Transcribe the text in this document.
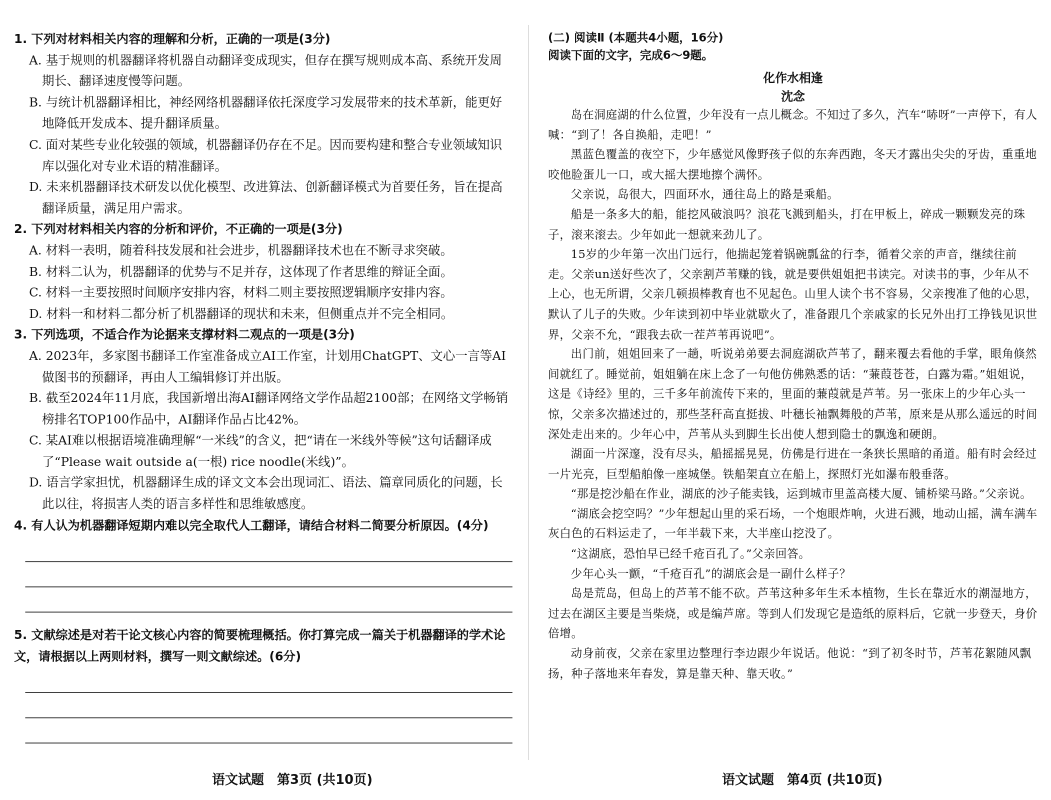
1. 下列对材料相关内容的理解和分析，正确的一项是(3分)

A. 基于规则的机器翻译将机器自动翻译变成现实，但存在撰写规则成本高、系统开发周期长、翻译速度慢等问题。

B. 与统计机器翻译相比，神经网络机器翻译依托深度学习发展带来的技术革新，能更好地降低开发成本、提升翻译质量。

C. 面对某些专业化较强的领域，机器翻译仍存在不足。因而要构建和整合专业领域知识库以强化对专业术语的精准翻译。

D. 未来机器翻译技术研发以优化模型、改进算法、创新翻译模式为首要任务，旨在提高翻译质量，满足用户需求。

2. 下列对材料相关内容的分析和评价，不正确的一项是(3分)

A. 材料一表明，随着科技发展和社会进步，机器翻译技术也在不断寻求突破。

B. 材料二认为，机器翻译的优势与不足并存，这体现了作者思维的辩证全面。

C. 材料一主要按照时间顺序安排内容，材料二则主要按照逻辑顺序安排内容。

D. 材料一和材料二都分析了机器翻译的现状和未来，但侧重点并不完全相同。

3. 下列选项，不适合作为论据来支撑材料二观点的一项是(3分)

A. 2023年，多家图书翻译工作室准备成立AI工作室，计划用ChatGPT、文心一言等AI做图书的预翻译，再由人工编辑修订并出版。

B. 截至2024年11月底，我国新增出海AI翻译网络文学作品超2100部；在网络文学畅销榜排名TOP100作品中，AI翻译作品占比42%。

C. 某AI难以根据语境准确理解“一米线”的含义，把“请在一米线外等候”这句话翻译成了“Please wait outside a(一根) rice noodle(米线)”。

D. 语言学家担忧，机器翻译生成的译文文本会出现词汇、语法、篇章同质化的问题，长此以往，将损害人类的语言多样性和思维敏感度。

4. 有人认为机器翻译短期内难以完全取代人工翻译，请结合材料二简要分析原因。(4分)

5. 文献综述是对若干论文核心内容的简要梳理概括。你打算完成一篇关于机器翻译的学术论文，请根据以上两则材料，撰写一则文献综述。(6分)

语文试题　第3页 (共10页)

(二) 阅读Ⅱ (本题共4小题，16分)

阅读下面的文字，完成6～9题。

化作水相逢

沈念

岛在洞庭湖的什么位置，少年没有一点儿概念。不知过了多久，汽车“哧呀”一声停下，有人喊：“到了！各自换船，走吧！”

黑蓝色覆盖的夜空下，少年感觉风像野孩子似的东奔西跑，冬天才露出尖尖的牙齿，重重地咬他脸蛋儿一口，或大摇大摆地擦个满怀。

父亲说，岛很大，四面环水，通往岛上的路是乘船。

船是一条多大的船，能挖风破浪吗？浪花飞溅到船头，打在甲板上，碎成一颗颗发亮的珠子，滚来滚去。少年如此一想就来劲儿了。

15岁的少年第一次出门远行，他揣起笼着锅碗瓢盆的行李，循着父亲的声音，继续往前走。父亲un送好些次了，父亲割芦苇赚的钱，就是要供姐姐把书读完。对读书的事，少年从不上心，也无所谓，父亲几顿损棒教育也不见起色。山里人读个书不容易，父亲搜准了他的心思，默认了儿子的失败。少年读到初中毕业就歇火了，准备跟几个亲戚家的长兄外出打工挣钱见识世界，父亲不允，“跟我去砍一茬芦苇再说吧”。

出门前，姐姐回来了一趟，听说弟弟要去洞庭湖砍芦苇了，翻来覆去看他的手掌，眼角倏然间就红了。睡觉前，姐姐躺在床上念了一句他仿佛熟悉的话：“蒹葭苍苍，白露为霜。”姐姐说，这是《诗经》里的，三千多年前流传下来的，里面的蒹葭就是芦苇。另一张床上的少年心头一惊，父亲多次描述过的，那些茎秆高直挺拔、叶穗长袖飘舞般的芦苇，原来是从那么遥远的时间深处走出来的。少年心中，芦苇从头到脚生长出使人想到隐士的飘逸和硬朗。

湖面一片深邃，没有尽头，船摇摇晃晃，仿佛是行进在一条狭长黑暗的甬道。船有时会经过一片光亮，巨型船舶像一座城堡。铁船架直立在船上，探照灯光如瀑布般垂落。

“那是挖沙船在作业，湖底的沙子能卖钱，运到城市里盖高楼大厦、铺桥梁马路。”父亲说。

“湖底会挖空吗？”少年想起山里的采石场，一个炮眼炸响，火进石溅，地动山摇，满车满车灰白色的石料运走了，一年半载下来，大半座山挖没了。

“这湖底，恐怕早已经千疮百孔了。”父亲回答。

少年心头一颤，“千疮百孔”的湖底会是一副什么样子？

岛是荒岛，但岛上的芦苇不能不砍。芦苇这种多年生禾本植物，生长在靠近水的潮湿地方，过去在湖区主要是当柴烧，或是编芦席。等到人们发现它是造纸的原料后，它就一步登天，身价倍增。

动身前夜，父亲在家里边整理行李边跟少年说话。他说：“到了初冬时节，芦苇花絮随风飘扬，种子落地来年春发，算是靠天种、靠天收。”

语文试题　第4页 (共10页)
